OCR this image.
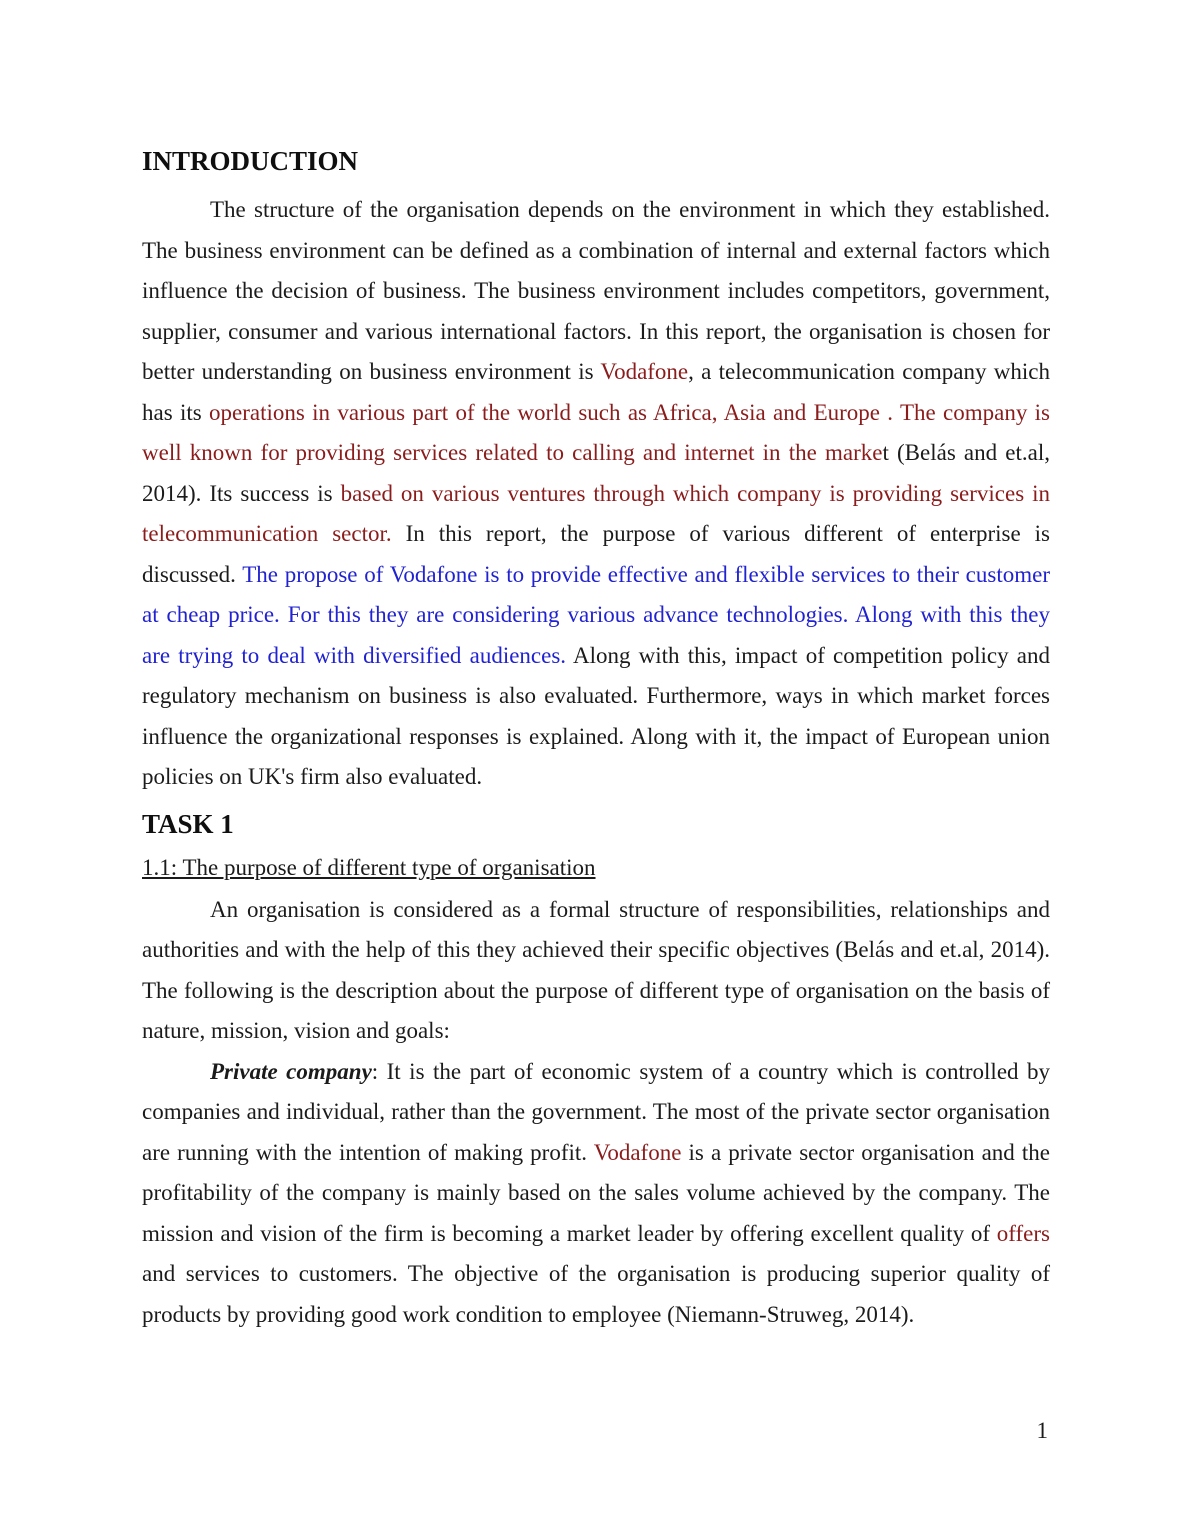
INTRODUCTION

The structure of the organisation depends on the environment in which they established. The business environment can be defined as a combination of internal and external factors which influence the decision of business. The business environment includes competitors, government, supplier, consumer and various international factors. In this report, the organisation is chosen for better understanding on business environment is Vodafone, a telecommunication company which has its operations in various part of the world such as Africa, Asia and Europe . The company is well known for providing services related to calling and internet in the market (Belás and et.al, 2014). Its success is based on various ventures through which company is providing services in telecommunication sector. In this report, the purpose of various different of enterprise is discussed. The propose of Vodafone is to provide effective and flexible services to their customer at cheap price. For this they are considering various advance technologies. Along with this they are trying to deal with diversified audiences. Along with this, impact of competition policy and regulatory mechanism on business is also evaluated. Furthermore, ways in which market forces influence the organizational responses is explained. Along with it, the impact of European union policies on UK's firm also evaluated.

TASK 1
1.1: The purpose of different type of organisation

An organisation is considered as a formal structure of responsibilities, relationships and authorities and with the help of this they achieved their specific objectives (Belás and et.al, 2014). The following is the description about the purpose of different type of organisation on the basis of nature, mission, vision and goals:

Private company: It is the part of economic system of a country which is controlled by companies and individual, rather than the government. The most of the private sector organisation are running with the intention of making profit. Vodafone is a private sector organisation and the profitability of the company is mainly based on the sales volume achieved by the company. The mission and vision of the firm is becoming a market leader by offering excellent quality of offers and services to customers. The objective of the organisation is producing superior quality of products by providing good work condition to employee (Niemann-Struweg, 2014).

1
